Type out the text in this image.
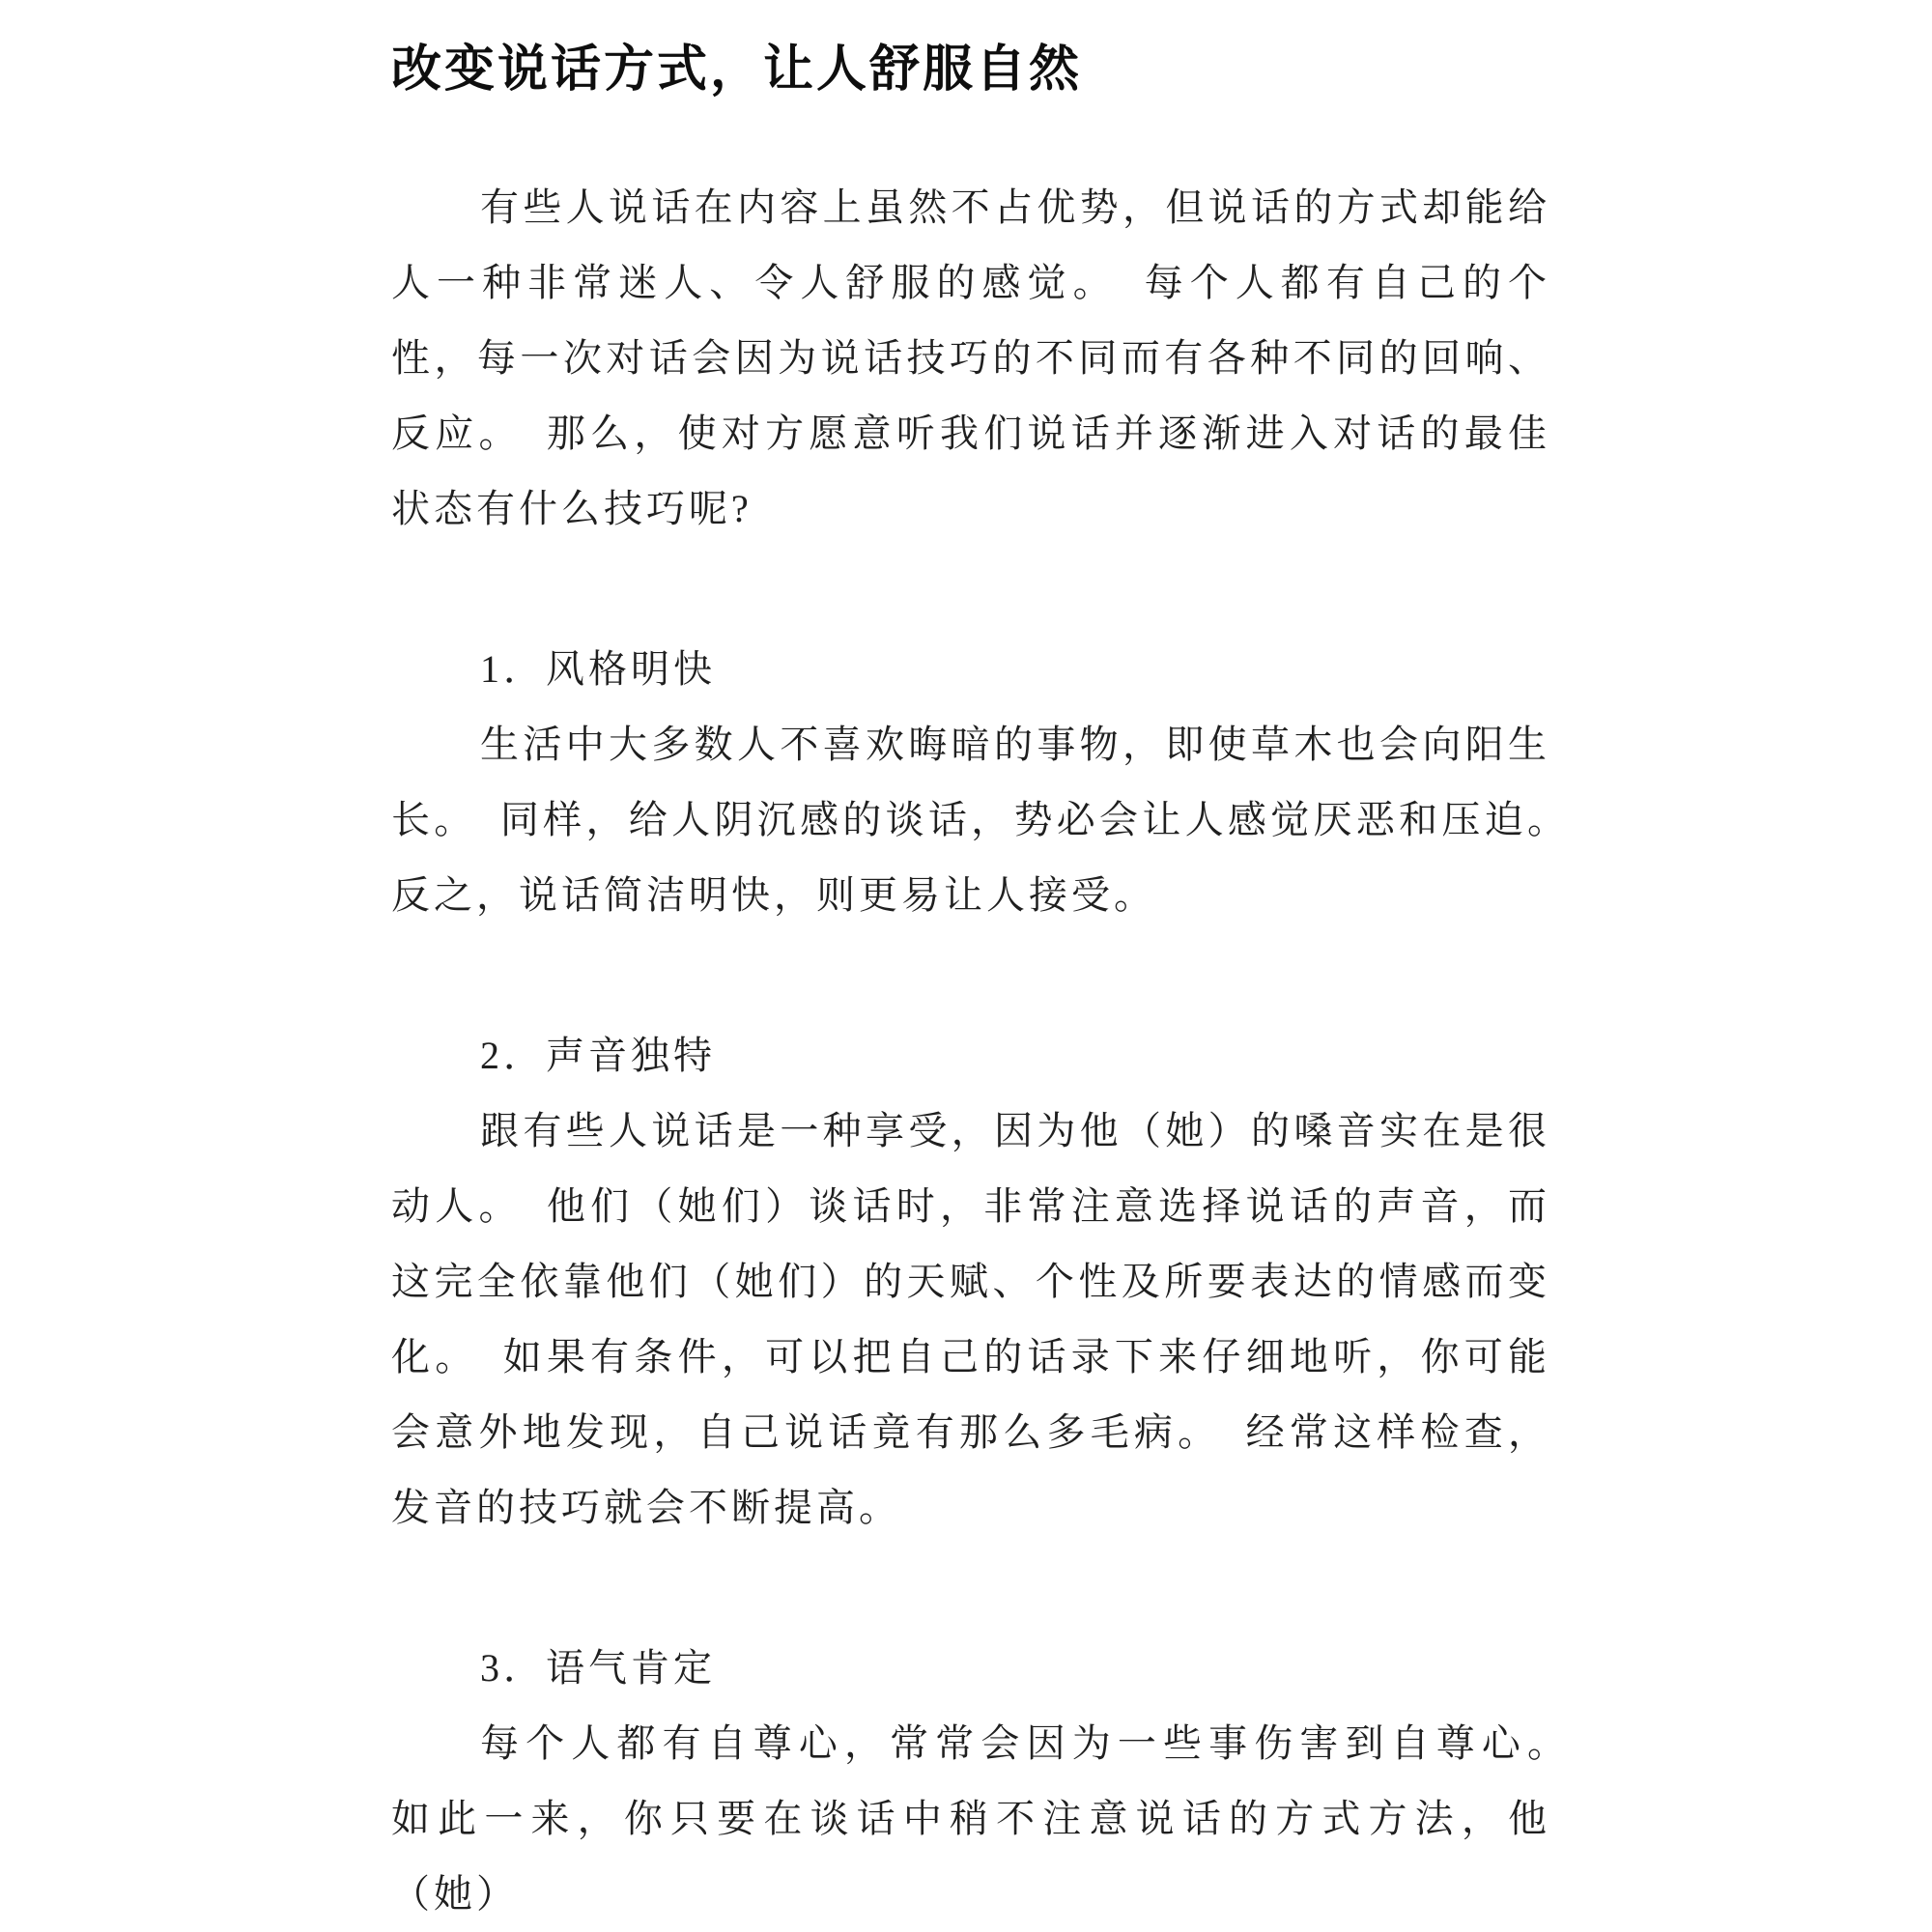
改变说话方式，让人舒服自然

有些人说话在内容上虽然不占优势，但说话的方式却能给人一种非常迷人、令人舒服的感觉。　每个人都有自己的个性，每一次对话会因为说话技巧的不同而有各种不同的回响、反应。　那么，使对方愿意听我们说话并逐渐进入对话的最佳状态有什么技巧呢?

1．风格明快

生活中大多数人不喜欢晦暗的事物，即使草木也会向阳生长。　同样，给人阴沉感的谈话，势必会让人感觉厌恶和压迫。　反之，说话简洁明快，则更易让人接受。

2．声音独特

跟有些人说话是一种享受，因为他（她）的嗓音实在是很动人。　他们（她们）谈话时，非常注意选择说话的声音，而这完全依靠他们（她们）的天赋、个性及所要表达的情感而变化。　如果有条件，可以把自己的话录下来仔细地听，你可能会意外地发现，自己说话竟有那么多毛病。　经常这样检查，发音的技巧就会不断提高。

3．语气肯定

每个人都有自尊心，常常会因为一些事伤害到自尊心。　如此一来，你只要在谈话中稍不注意说话的方式方法，他（她）
